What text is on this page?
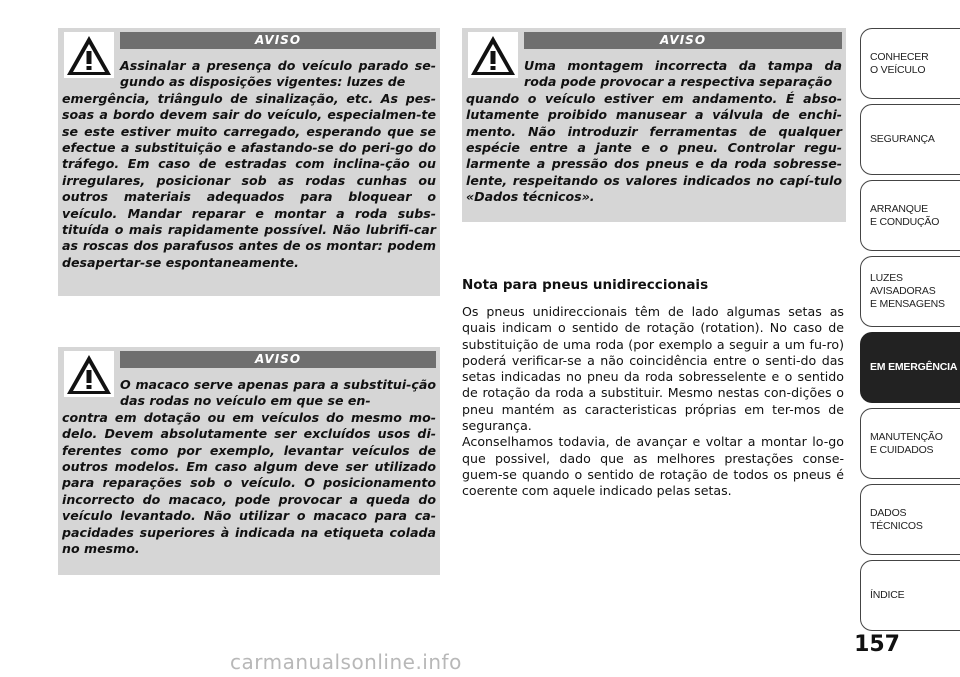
AVISO
Assinalar a presença do veículo parado se-gundo as disposições vigentes: luzes de
emergência, triângulo de sinalização, etc. As pes-soas a bordo devem sair do veículo, especialmen-te se este estiver muito carregado, esperando que se efectue a substituição e afastando-se do peri-go do tráfego. Em caso de estradas com inclina-ção ou irregulares, posicionar sob as rodas cunhas ou outros materiais adequados para bloquear o veículo. Mandar reparar e montar a roda subs-tituída o mais rapidamente possível. Não lubrifi-car as roscas dos parafusos antes de os montar: podem desapertar-se espontaneamente.
AVISO
O macaco serve apenas para a substitui-ção das rodas no veículo em que se en-
contra em dotação ou em veículos do mesmo mo-delo. Devem absolutamente ser excluídos usos di-ferentes como por exemplo, levantar veículos de outros modelos. Em caso algum deve ser utilizado para reparações sob o veículo. O posicionamento incorrecto do macaco, pode provocar a queda do veículo levantado. Não utilizar o macaco para ca-pacidades superiores à indicada na etiqueta colada no mesmo.
AVISO
Uma montagem incorrecta da tampa da roda pode provocar a respectiva separação
quando o veículo estiver em andamento. É abso-lutamente proibido manusear a válvula de enchi-mento. Não introduzir ferramentas de qualquer espécie entre a jante e o pneu. Controlar regu-larmente a pressão dos pneus e da roda sobresse-lente, respeitando os valores indicados no capí-tulo «Dados técnicos».
Nota para pneus unidireccionais

Os pneus unidireccionais têm de lado algumas setas as quais indicam o sentido de rotação (rotation). No caso de substituição de uma roda (por exemplo a seguir a um fu-ro) poderá verificar-se a não coincidência entre o senti-do das setas indicadas no pneu da roda sobresselente e o sentido de rotação da roda a substituir. Mesmo nestas con-dições o pneu mantém as caracteristicas próprias em ter-mos de segurança.

Aconselhamos todavia, de avançar e voltar a montar lo-go que possivel, dado que as melhores prestações conse-guem-se quando o sentido de rotação de todos os pneus é coerente com aquele indicado pelas setas.

CONHECER
O VEÍCULO
SEGURANÇA
ARRANQUE
E CONDUÇÃO
LUZES AVISADORAS
E MENSAGENS
EM EMERGÊNCIA
MANUTENÇÃO
E CUIDADOS
DADOS TÉCNICOS
ÍNDICE
157
carmanualsonline.info
